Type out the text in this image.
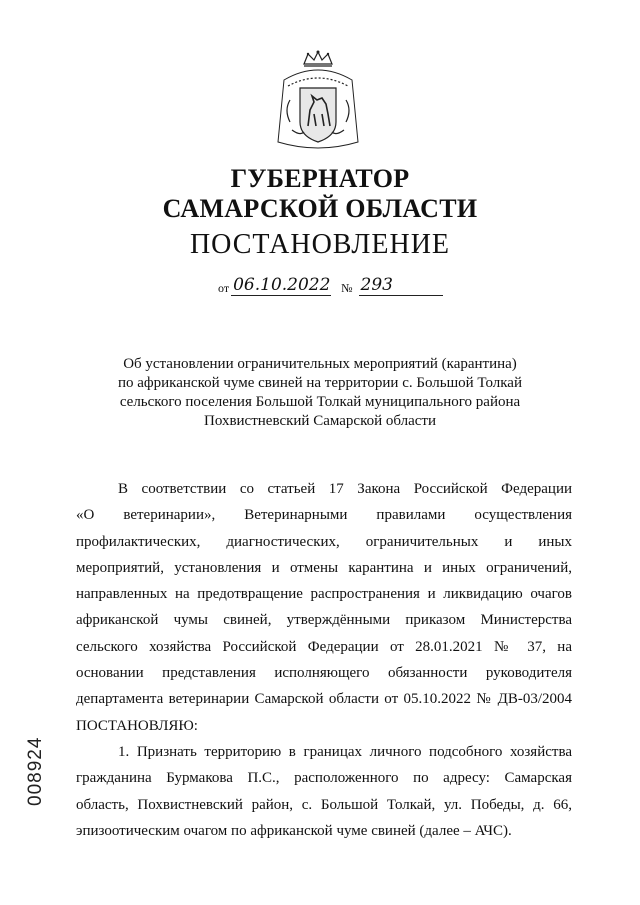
ГУБЕРНАТОР
САМАРСКОЙ ОБЛАСТИ
ПОСТАНОВЛЕНИЕ
от 06.10.2022 № 293
Об установлении ограничительных мероприятий (карантина)
по африканской чуме свиней на территории с. Большой Толкай
сельского поселения Большой Толкай муниципального района
Похвистневский Самарской области
В соответствии со статьей 17 Закона Российской Федерации
«О ветеринарии», Ветеринарными правилами осуществления
профилактических, диагностических, ограничительных и иных
мероприятий, установления и отмены карантина и иных ограничений,
направленных на предотвращение распространения и ликвидацию очагов
африканской чумы свиней, утверждёнными приказом Министерства
сельского хозяйства Российской Федерации от 28.01.2021 № 37, на
основании представления исполняющего обязанности руководителя
департамента ветеринарии Самарской области от 05.10.2022 № ДВ-03/2004
ПОСТАНОВЛЯЮ:
1. Признать территорию в границах личного подсобного хозяйства
гражданина Бурмакова П.С., расположенного по адресу: Самарская
область, Похвистневский район, с. Большой Толкай, ул. Победы, д. 66,
эпизоотическим очагом по африканской чуме свиней (далее – АЧС).
008924
